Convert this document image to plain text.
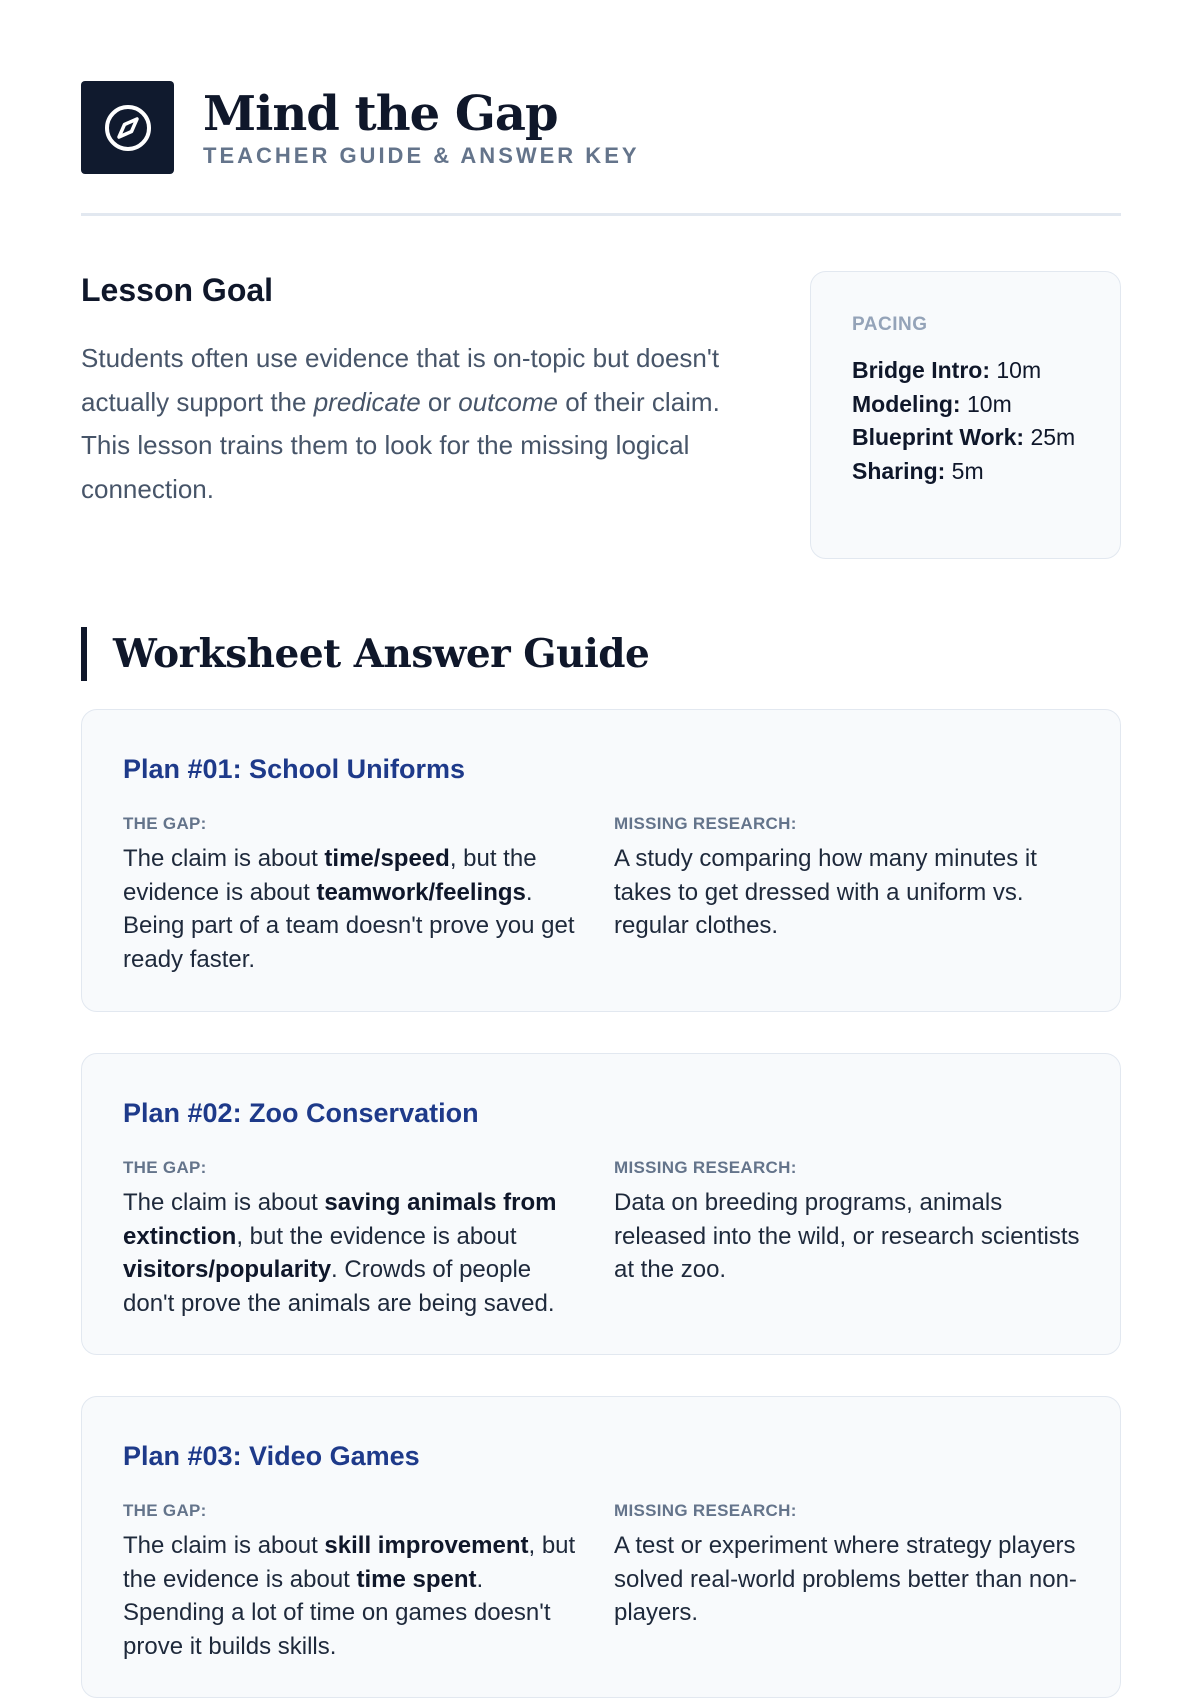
Mind the Gap
TEACHER GUIDE & ANSWER KEY
Lesson Goal

Students often use evidence that is on-topic but doesn't actually support the predicate or outcome of their claim. This lesson trains them to look for the missing logical connection.

PACING
Bridge Intro: 10m
Modeling: 10m
Blueprint Work: 25m
Sharing: 5m
Worksheet Answer Guide
Plan #01: School Uniforms
THE GAP:
The claim is about time/speed, but the evidence is about teamwork/feelings. Being part of a team doesn't prove you get ready faster.
MISSING RESEARCH:
A study comparing how many minutes it takes to get dressed with a uniform vs. regular clothes.
Plan #02: Zoo Conservation
THE GAP:
The claim is about saving animals from extinction, but the evidence is about visitors/popularity. Crowds of people don't prove the animals are being saved.
MISSING RESEARCH:
Data on breeding programs, animals released into the wild, or research scientists at the zoo.
Plan #03: Video Games
THE GAP:
The claim is about skill improvement, but the evidence is about time spent. Spending a lot of time on games doesn't prove it builds skills.
MISSING RESEARCH:
A test or experiment where strategy players solved real-world problems better than non-players.
